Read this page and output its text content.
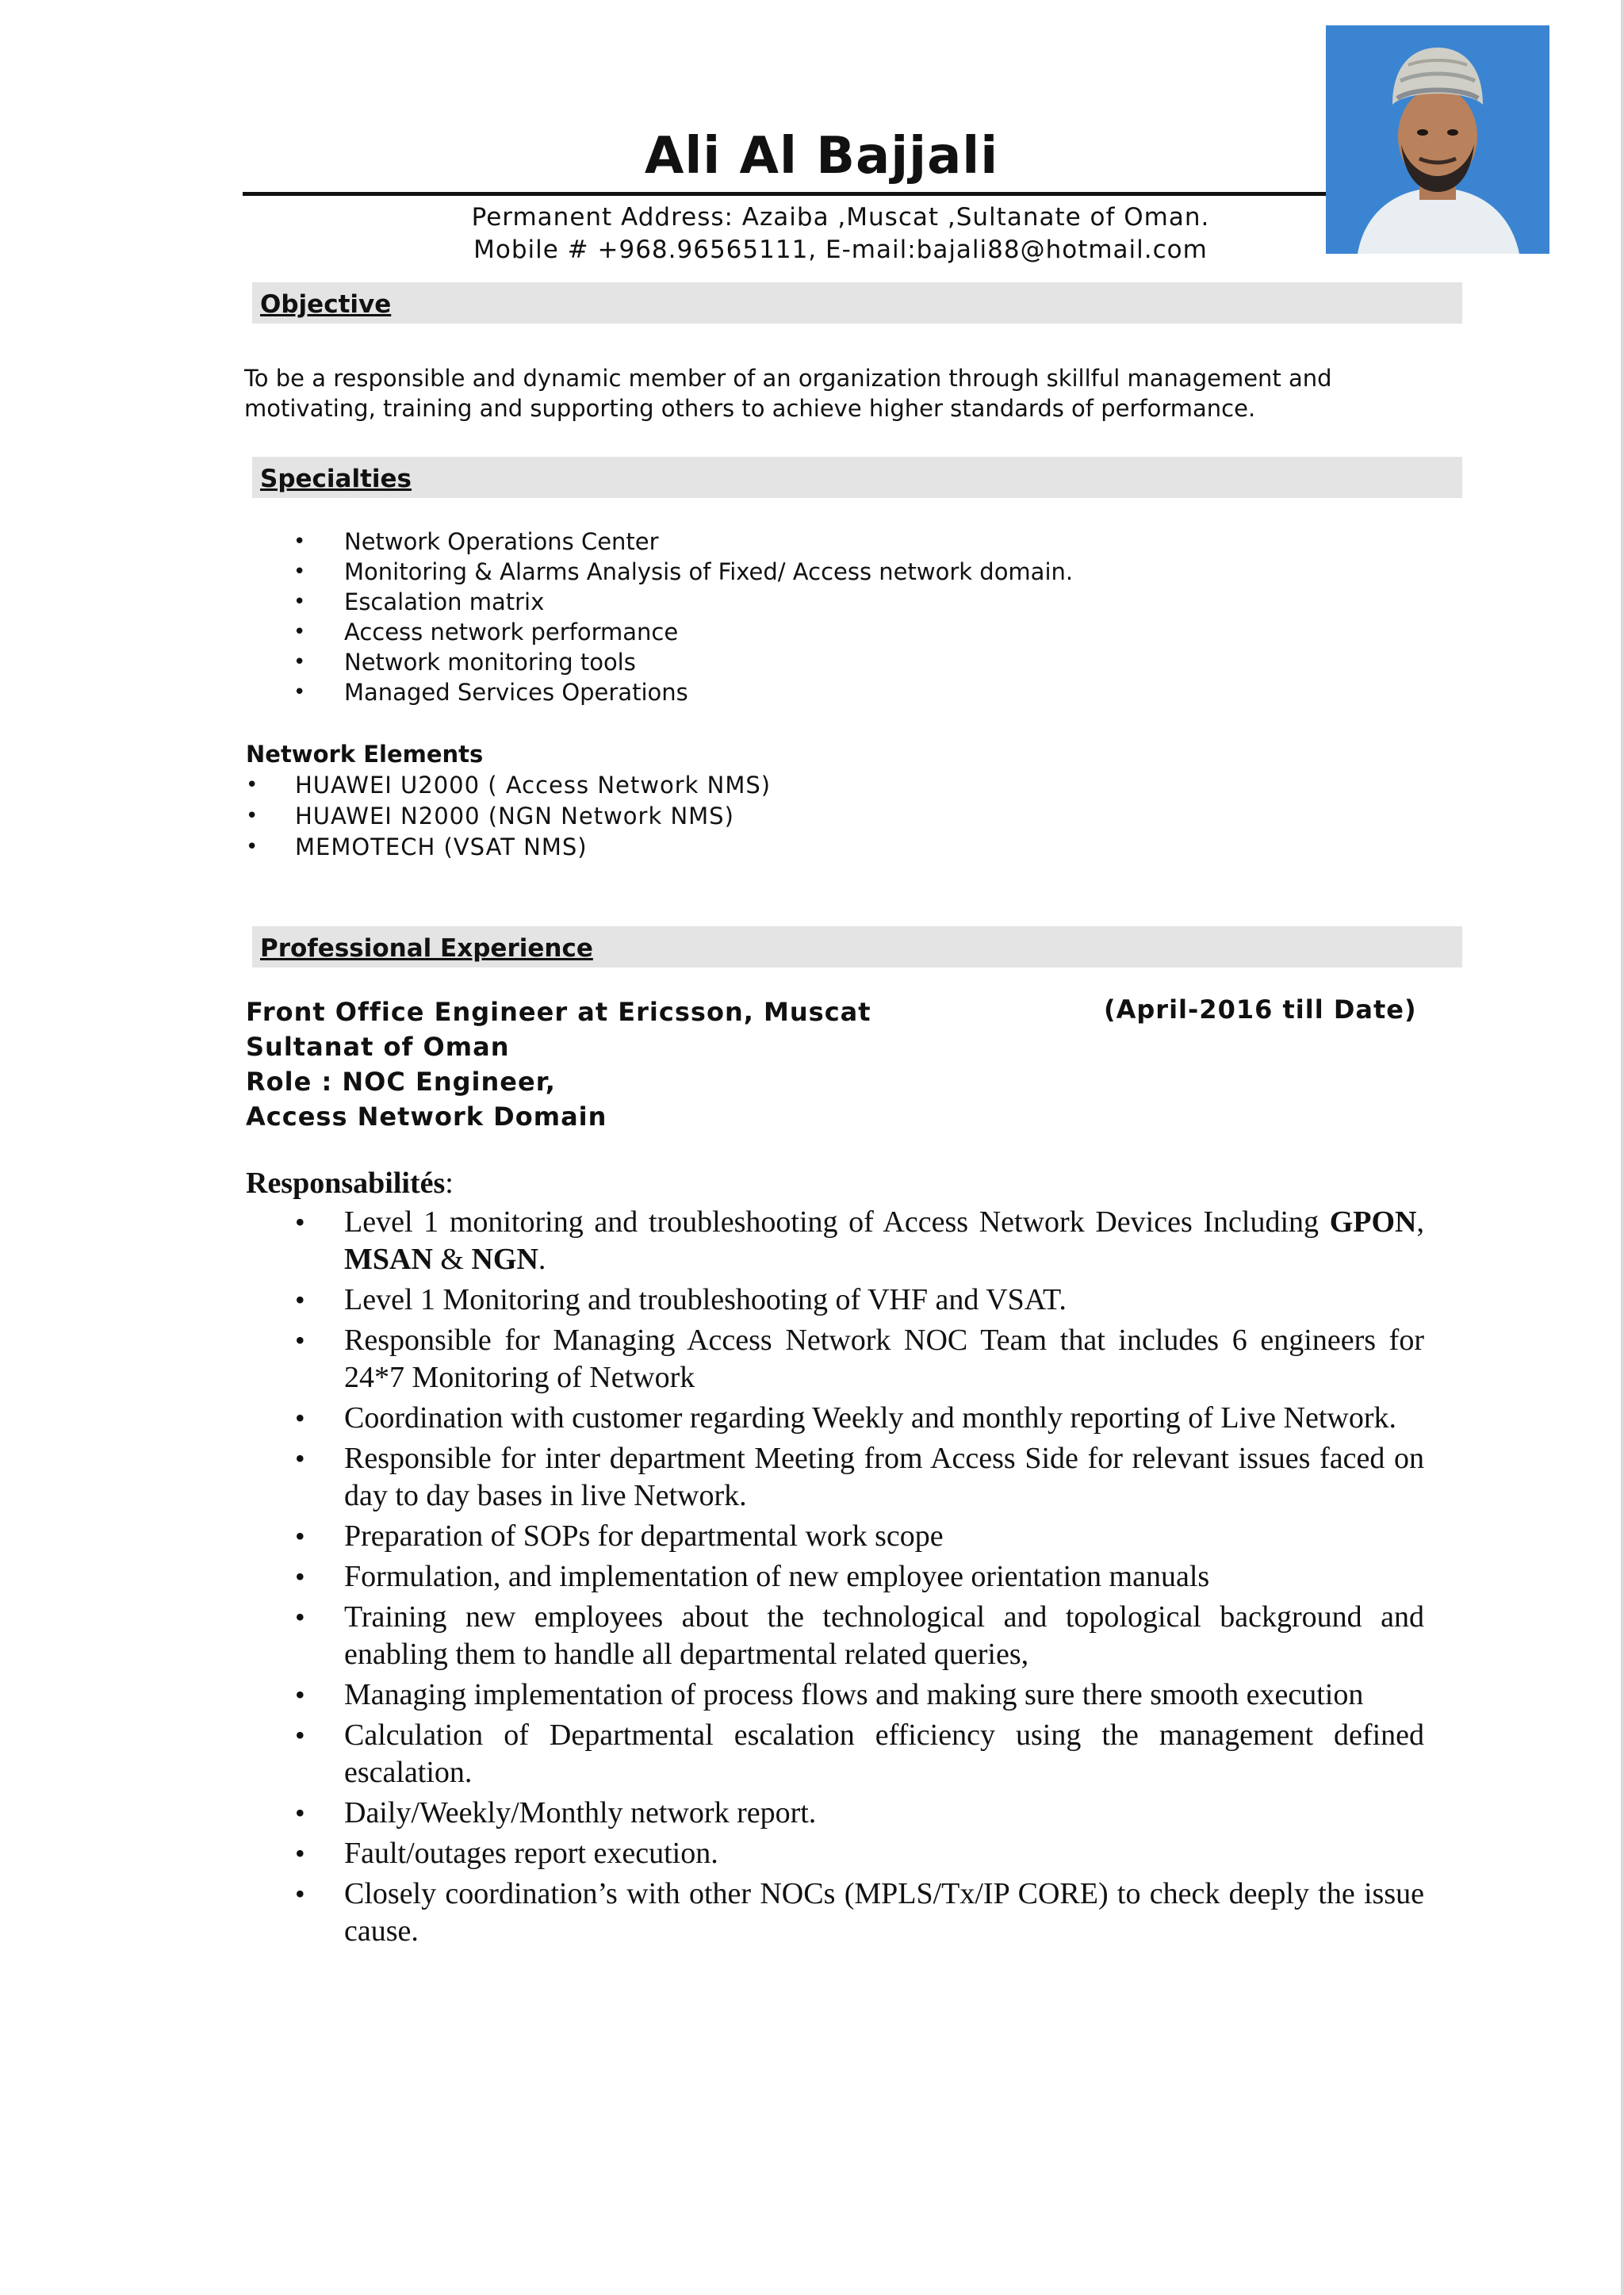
Ali Al Bajjali
Permanent Address: Azaiba ,Muscat ,Sultanate of Oman.
Mobile # +968.96565111, E-mail:bajali88@hotmail.com
Objective
To be a responsible and dynamic member of an organization through skillful management and motivating, training and supporting others to achieve higher standards of performance.
Specialties
• Network Operations Center
• Monitoring & Alarms Analysis of Fixed/ Access network domain.
• Escalation matrix
• Access network performance
• Network monitoring tools
• Managed Services Operations
Network Elements
• HUAWEI U2000 ( Access Network NMS)
• HUAWEI N2000 (NGN Network NMS)
• MEMOTECH (VSAT NMS)
Professional Experience
Front Office Engineer at Ericsson, Muscat
Sultanat of Oman
Role : NOC Engineer,
Access Network Domain
(April-2016 till Date)
Responsabilités:
• Level 1 monitoring and troubleshooting of Access Network Devices Including GPON, MSAN & NGN.
• Level 1 Monitoring and troubleshooting of VHF and VSAT.
• Responsible for Managing Access Network NOC Team that includes 6 engineers for 24*7 Monitoring of Network
• Coordination with customer regarding Weekly and monthly reporting of Live Network.
• Responsible for inter department Meeting from Access Side for relevant issues faced on day to day bases in live Network.
• Preparation of SOPs for departmental work scope
• Formulation, and implementation of new employee orientation manuals
• Training new employees about the technological and topological background and enabling them to handle all departmental related queries,
• Managing implementation of process flows and making sure there smooth execution
• Calculation of Departmental escalation efficiency using the management defined escalation.
• Daily/Weekly/Monthly network report.
• Fault/outages report execution.
• Closely coordination’s with other NOCs (MPLS/Tx/IP CORE) to check deeply the issue cause.
